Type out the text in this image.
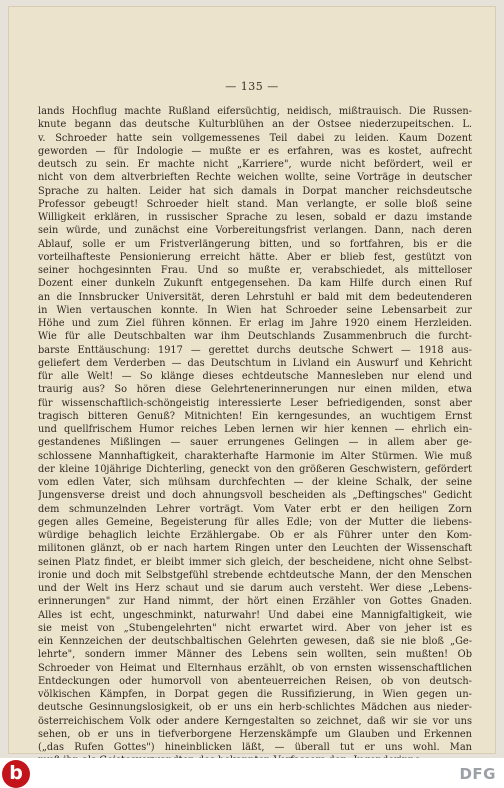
— 135 —
lands Hochflug machte Rußland eifersüchtig, neidisch, mißtrauisch. Die Russen-
knute begann das deutsche Kulturblühen an der Ostsee niederzupeitschen. L.
v. Schroeder hatte sein vollgemessenes Teil dabei zu leiden. Kaum Dozent
geworden — für Indologie — mußte er es erfahren, was es kostet, aufrecht
deutsch zu sein. Er machte nicht „Karriere", wurde nicht befördert, weil er
nicht von dem altverbrieften Rechte weichen wollte, seine Vorträge in deutscher
Sprache zu halten. Leider hat sich damals in Dorpat mancher reichsdeutsche
Professor gebeugt! Schroeder hielt stand. Man verlangte, er solle bloß seine
Willigkeit erklären, in russischer Sprache zu lesen, sobald er dazu imstande
sein würde, und zunächst eine Vorbereitungsfrist verlangen. Dann, nach deren
Ablauf, solle er um Fristverlängerung bitten, und so fortfahren, bis er die
vorteilhafteste Pensionierung erreicht hätte. Aber er blieb fest, gestützt von
seiner hochgesinnten Frau. Und so mußte er, verabschiedet, als mittelloser
Dozent einer dunkeln Zukunft entgegensehen. Da kam Hilfe durch einen Ruf
an die Innsbrucker Universität, deren Lehrstuhl er bald mit dem bedeutenderen
in Wien vertauschen konnte. In Wien hat Schroeder seine Lebensarbeit zur
Höhe und zum Ziel führen können. Er erlag im Jahre 1920 einem Herzleiden.
Wie für alle Deutschbalten war ihm Deutschlands Zusammenbruch die furcht-
barste Enttäuschung: 1917 — gerettet durchs deutsche Schwert — 1918 aus-
geliefert dem Verderben — das Deutschtum in Livland ein Auswurf und Kehricht
für alle Welt! — So klänge dieses echtdeutsche Mannesleben nur elend und
traurig aus? So hören diese Gelehrtenerinnerungen nur einen milden, etwa
für wissenschaftlich-schöngeistig interessierte Leser befriedigenden, sonst aber
tragisch bitteren Genuß? Mitnichten! Ein kerngesundes, an wuchtigem Ernst
und quellfrischem Humor reiches Leben lernen wir hier kennen — ehrlich ein-
gestandenes Mißlingen — sauer errungenes Gelingen — in allem aber ge-
schlossene Mannhaftigkeit, charakterhafte Harmonie im Alter Stürmen. Wie muß
der kleine 10jährige Dichterling, geneckt von den größeren Geschwistern, gefördert
vom edlen Vater, sich mühsam durchfechten — der kleine Schalk, der seine
Jungensverse dreist und doch ahnungsvoll bescheiden als „Deftingsches" Gedicht
dem schmunzelnden Lehrer vorträgt. Vom Vater erbt er den heiligen Zorn
gegen alles Gemeine, Begeisterung für alles Edle; von der Mutter die liebens-
würdige behaglich leichte Erzählergabe. Ob er als Führer unter den Kom-
militonen glänzt, ob er nach hartem Ringen unter den Leuchten der Wissenschaft
seinen Platz findet, er bleibt immer sich gleich, der bescheidene, nicht ohne Selbst-
ironie und doch mit Selbstgefühl strebende echtdeutsche Mann, der den Menschen
und der Welt ins Herz schaut und sie darum auch versteht. Wer diese „Lebens-
erinnerungen" zur Hand nimmt, der hört einen Erzähler von Gottes Gnaden.
Alles ist echt, ungeschminkt, naturwahr! Und dabei eine Mannigfaltigkeit, wie
sie meist von „Stubengelehrten" nicht erwartet wird. Aber von jeher ist es
ein Kennzeichen der deutschbaltischen Gelehrten gewesen, daß sie nie bloß „Ge-
lehrte", sondern immer Männer des Lebens sein wollten, sein mußten! Ob
Schroeder von Heimat und Elternhaus erzählt, ob von ernsten wissenschaftlichen
Entdeckungen oder humorvoll von abenteuerreichen Reisen, ob von deutsch-
völkischen Kämpfen, in Dorpat gegen die Russifizierung, in Wien gegen un-
deutsche Gesinnungslosigkeit, ob er uns ein herb-schlichtes Mädchen aus nieder-
österreichischem Volk oder andere Kerngestalten so zeichnet, daß wir sie vor uns
sehen, ob er uns in tiefverborgene Herzenskämpfe um Glauben und Erkennen
(„das Rufen Gottes") hineinblicken läßt, — überall tut er uns wohl. Man
b	DFG
